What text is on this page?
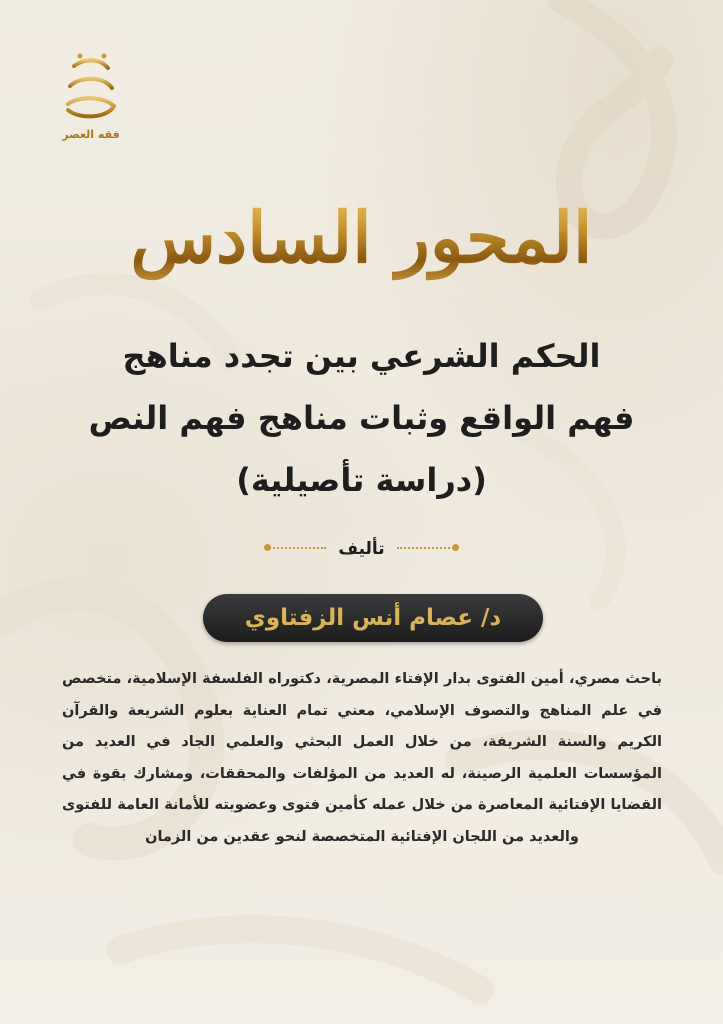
فقه العصر
المحور السادس
الحكم الشرعي بين تجدد مناهج
فهم الواقع وثبات مناهج فهم النص
(دراسة تأصيلية)
تأليف
د/ عصام أنس الزفتاوي
باحث مصري، أمين الفتوى بدار الإفتاء المصرية، دكتوراه الفلسفة الإسلامية، متخصص في علم المناهج والتصوف الإسلامي، معني تمام العناية بعلوم الشريعة والقرآن الكريم والسنة الشريفة، من خلال العمل البحثي والعلمي الجاد في العديد من المؤسسات العلمية الرصينة، له العديد من المؤلفات والمحققات، ومشارك بقوة في القضايا الإفتائية المعاصرة من خلال عمله كأمين فتوى وعضويته للأمانة العامة للفتوى والعديد من اللجان الإفتائية المتخصصة لنحو عقدين من الزمان
